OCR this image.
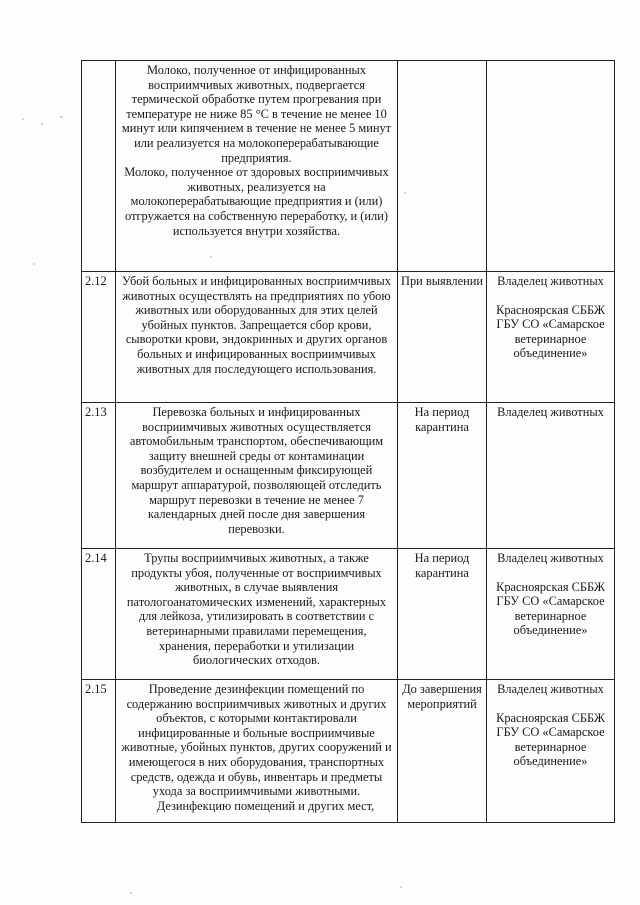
	Молоко, полученное от инфицированных восприимчивых животных, подвергается термической обработке путем прогревания при температуре не ниже 85 °С в течение не менее 10 минут или кипячением в течение не менее 5 минут или реализуется на молокоперерабатывающие предприятия.
Молоко, полученное от здоровых восприимчивых животных, реализуется на молокоперерабатывающие предприятия и (или) отгружается на собственную переработку, и (или) используется внутри хозяйства.		

2.12	Убой больных и инфицированных восприимчивых животных осуществлять на предприятиях по убою животных или оборудованных для этих целей убойных пунктов. Запрещается сбор крови, сыворотки крови, эндокринных и других органов больных и инфицированных восприимчивых животных для последующего использования.	При выявлении	Владелец животных
Красноярская СББЖ ГБУ СО «Самарское ветеринарное объединение»

2.13	Перевозка больных и инфицированных восприимчивых животных осуществляется автомобильным транспортом, обеспечивающим защиту внешней среды от контаминации возбудителем и оснащенным фиксирующей маршрут аппаратурой, позволяющей отследить маршрут перевозки в течение не менее 7 календарных дней после дня завершения перевозки.	На период карантина	Владелец животных

2.14	Трупы восприимчивых животных, а также продукты убоя, полученные от восприимчивых животных, в случае выявления патологоанатомических изменений, характерных для лейкоза, утилизировать в соответствии с ветеринарными правилами перемещения, хранения, переработки и утилизации биологических отходов.	На период карантина	Владелец животных
Красноярская СББЖ ГБУ СО «Самарское ветеринарное объединение»

2.15	Проведение дезинфекции помещений по содержанию восприимчивых животных и других объектов, с которыми контактировали инфицированные и больные восприимчивые животные, убойных пунктов, других сооружений и имеющегося в них оборудования, транспортных средств, одежда и обувь, инвентарь и предметы ухода за восприимчивыми животными.
Дезинфекцию помещений и других мест,	До завершения мероприятий	Владелец животных
Красноярская СББЖ ГБУ СО «Самарское ветеринарное объединение»
